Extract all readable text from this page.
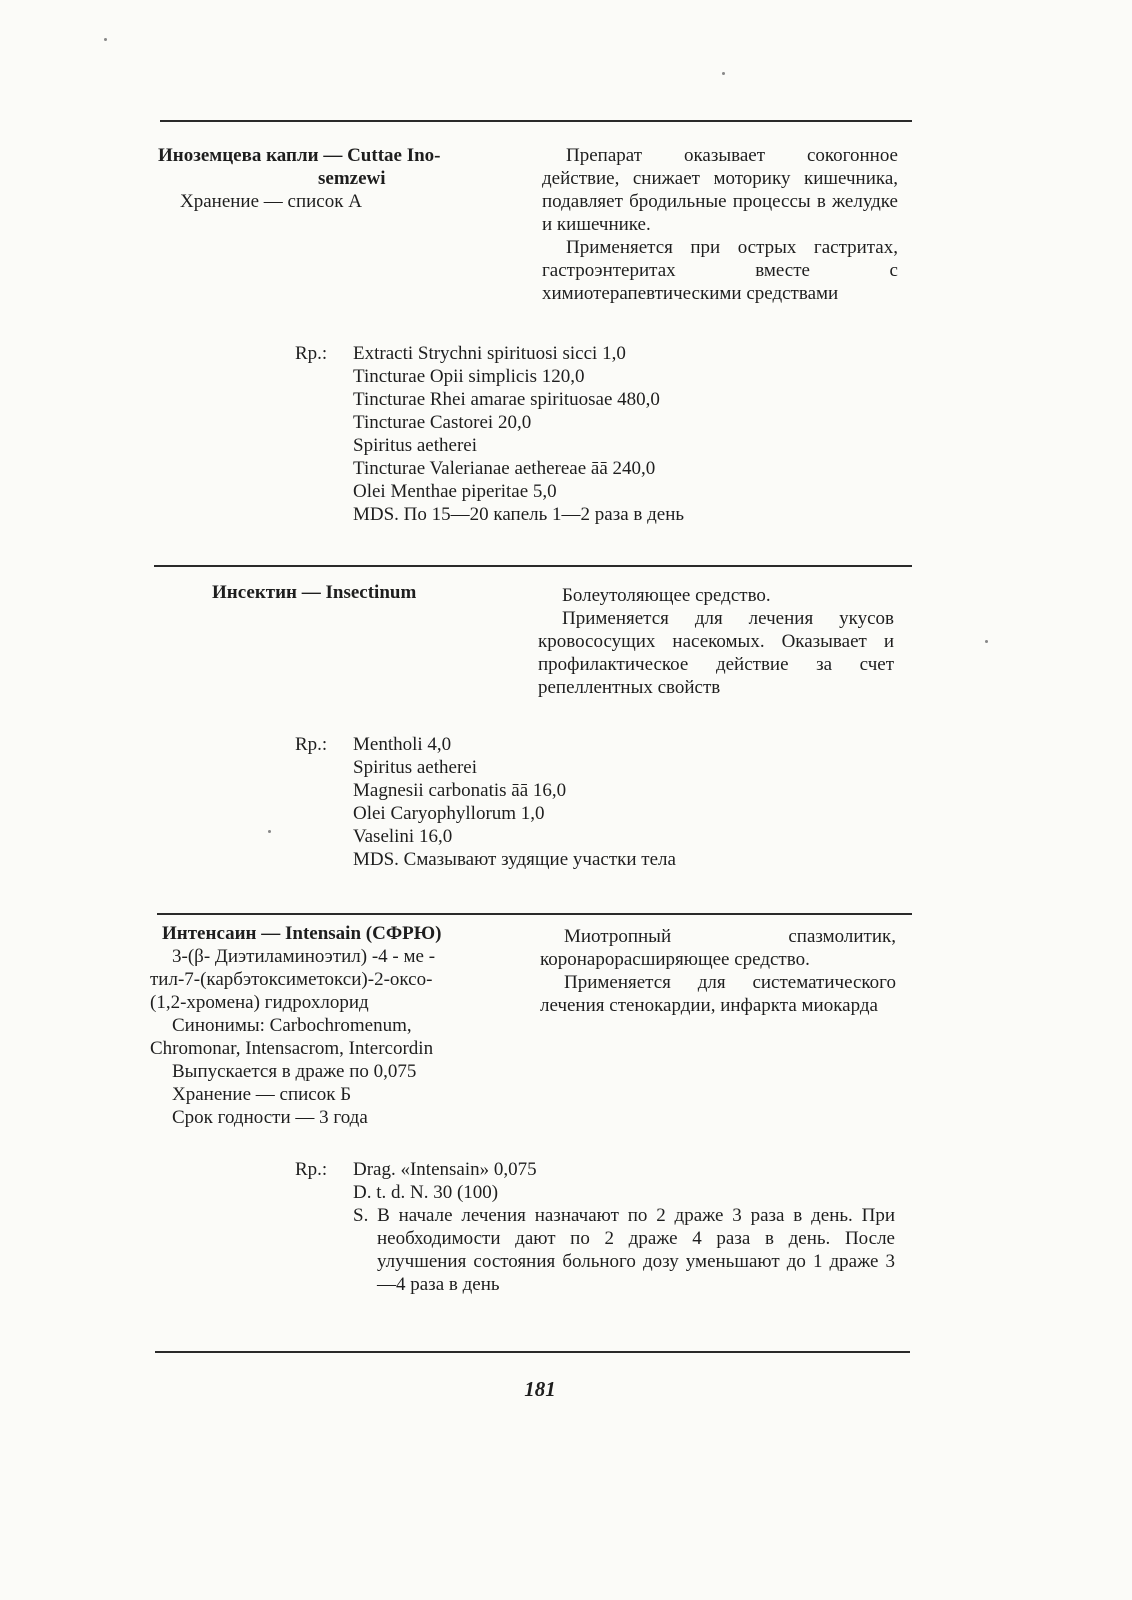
Иноземцева капли — Cuttae Ino-

semzewi

Хранение — список А

Препарат оказывает сокогонное действие, снижает моторику кишечника, подавляет бродильные процессы в желудке и кишечнике.

Применяется при острых гастритах, гастроэнтеритах вместе с химиотерапевтическими средствами

Rp.:	Extracti Strychni spirituosi sicci 1,0
Tincturae Opii simplicis 120,0
Tincturae Rhei amarae spirituosae 480,0
Tincturae Castorei 20,0
Spiritus aetherei
Tincturae Valerianae aethereae āā 240,0
Olei Menthae piperitae 5,0
MDS. По 15—20 капель 1—2 раза в день

Инсектин — Insectinum	Болеутоляющее средство.

Применяется для лечения укусов кровососущих насекомых. Оказывает и профилактическое действие за счет репеллентных свойств

Rp.:	Mentholi 4,0
Spiritus aetherei
Magnesii carbonatis āā 16,0
Olei Caryophyllorum 1,0
Vaselini 16,0
MDS. Смазывают зудящие участки тела

Интенсаин — Intensain (СФРЮ)

3-(β- Диэтиламиноэтил) -4 - ме -

тил-7-(карбэтоксиметокси)-2-оксо-

(1,2-хромена) гидрохлорид

Синонимы: Carbochromenum,

Chromonar, Intensacrom, Intercordin

Выпускается в драже по 0,075

Хранение — список Б

Срок годности — 3 года

Миотропный спазмолитик, коронарорасширяющее средство.

Применяется для систематического лечения стенокардии, инфаркта миокарда

Rp.:	Drag. «Intensain» 0,075
D. t. d. N. 30 (100)
S. В начале лечения назначают по 2 драже 3 раза в день. При необходимости дают по 2 драже 4 раза в день. После улучшения состояния больного дозу уменьшают до 1 драже 3—4 раза в день
181
